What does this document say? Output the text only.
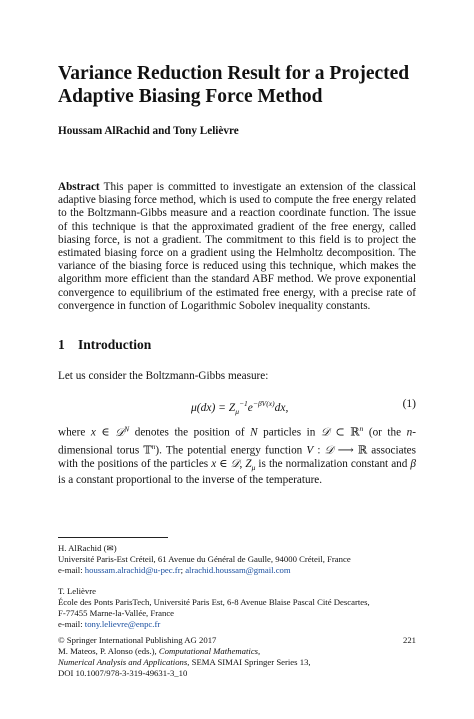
Variance Reduction Result for a Projected
Adaptive Biasing Force Method
Houssam AlRachid and Tony Lelièvre
Abstract This paper is committed to investigate an extension of the classical adaptive biasing force method, which is used to compute the free energy related to the Boltzmann-Gibbs measure and a reaction coordinate function. The issue of this technique is that the approximated gradient of the free energy, called biasing force, is not a gradient. The commitment to this field is to project the estimated biasing force on a gradient using the Helmholtz decomposition. The variance of the biasing force is reduced using this technique, which makes the algorithm more efficient than the standard ABF method. We prove exponential convergence to equilibrium of the estimated free energy, with a precise rate of convergence in function of Logarithmic Sobolev inequality constants.
1 Introduction
Let us consider the Boltzmann-Gibbs measure:
$\mu(dx) = Z_\mu^{-1}e^{-\beta V(x)}dx$,	(1)
where x ∈ 𝒟$^N$ denotes the position of N particles in 𝒟 ⊂ ℝ$^n$ (or the n-dimensional torus 𝕋$^n$). The potential energy function V : 𝒟 ⟶ ℝ associates with the positions of the particles x ∈ 𝒟, $Z_\mu$ is the normalization constant and β is a constant proportional to the inverse of the temperature.
H. AlRachid (✉)
Université Paris-Est Créteil, 61 Avenue du Général de Gaulle, 94000 Créteil, France
e-mail: houssam.alrachid@u-pec.fr; alrachid.houssam@gmail.com
T. Lelièvre
École des Ponts ParisTech, Université Paris Est, 6-8 Avenue Blaise Pascal Cité Descartes,
F-77455 Marne-la-Vallée, France
e-mail: tony.lelievre@enpc.fr
© Springer International Publishing AG 2017
M. Mateos, P. Alonso (eds.), Computational Mathematics,
Numerical Analysis and Applications, SEMA SIMAI Springer Series 13,
DOI 10.1007/978-3-319-49631-3_10
221
